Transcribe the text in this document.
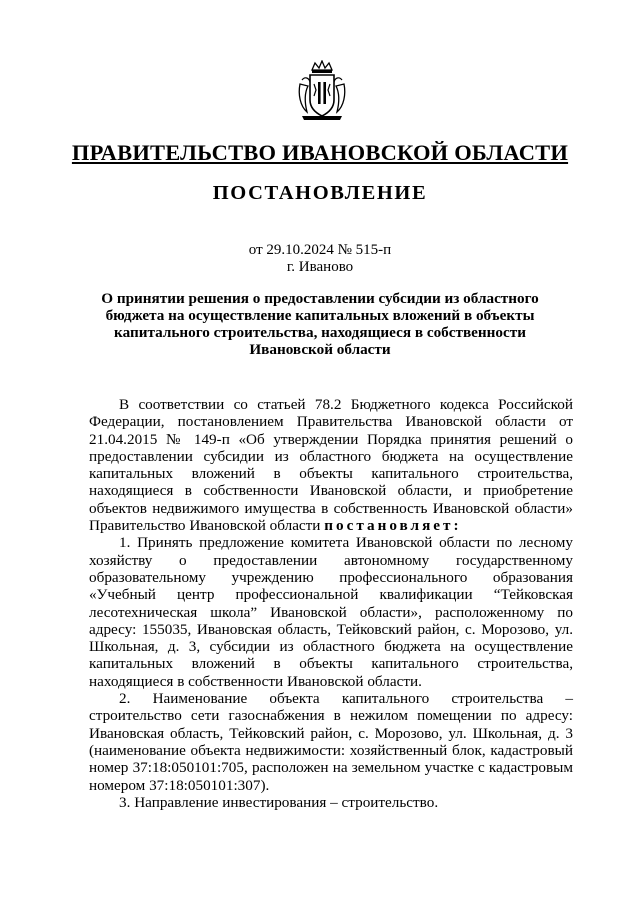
ПРАВИТЕЛЬСТВО ИВАНОВСКОЙ ОБЛАСТИ
ПОСТАНОВЛЕНИЕ
от 29.10.2024 № 515-п
г. Иваново
О принятии решения о предоставлении субсидии из областного бюджета на осуществление капитальных вложений в объекты капитального строительства, находящиеся в собственности Ивановской области

В соответствии со статьей 78.2 Бюджетного кодекса Российской Федерации, постановлением Правительства Ивановской области от 21.04.2015 № 149-п «Об утверждении Порядка принятия решений о предоставлении субсидии из областного бюджета на осуществление капитальных вложений в объекты капитального строительства, находящиеся в собственности Ивановской области, и приобретение объектов недвижимого имущества в собственность Ивановской области» Правительство Ивановской области постановляет:

1. Принять предложение комитета Ивановской области по лесному хозяйству о предоставлении автономному государственному образовательному учреждению профессионального образования «Учебный центр профессиональной квалификации “Тейковская лесотехническая школа” Ивановской области», расположенному по адресу: 155035, Ивановская область, Тейковский район, с. Морозово, ул. Школьная, д. 3, субсидии из областного бюджета на осуществление капитальных вложений в объекты капитального строительства, находящиеся в собственности Ивановской области.

2. Наименование объекта капитального строительства – строительство сети газоснабжения в нежилом помещении по адресу: Ивановская область, Тейковский район, с. Морозово, ул. Школьная, д. 3 (наименование объекта недвижимости: хозяйственный блок, кадастровый номер 37:18:050101:705, расположен на земельном участке с кадастровым номером 37:18:050101:307).

3. Направление инвестирования – строительство.
